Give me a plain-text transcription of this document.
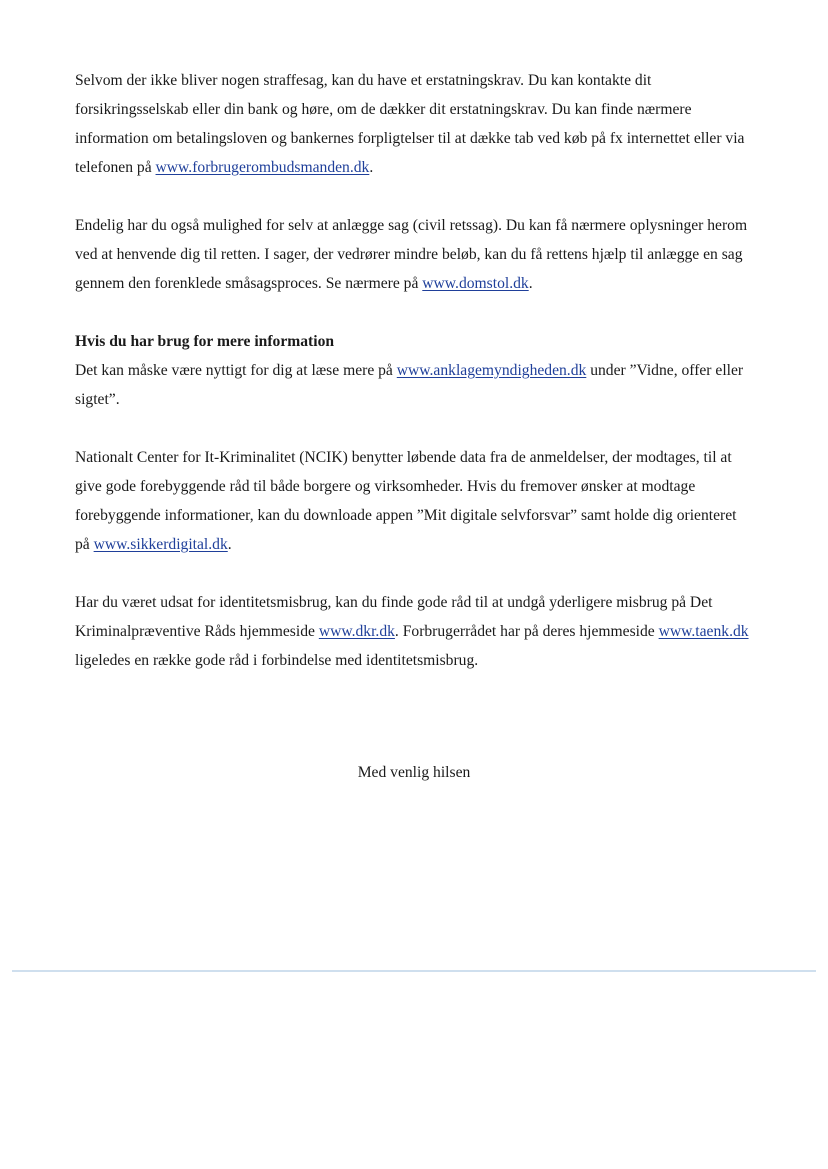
Selvom der ikke bliver nogen straffesag, kan du have et erstatningskrav. Du kan kontakte dit forsikringsselskab eller din bank og høre, om de dækker dit erstatningskrav. Du kan finde nærmere information om betalingsloven og bankernes forpligtelser til at dække tab ved køb på fx internettet eller via telefonen på www.forbrugerombudsmanden.dk.

Endelig har du også mulighed for selv at anlægge sag (civil retssag). Du kan få nærmere oplysninger herom ved at henvende dig til retten. I sager, der vedrører mindre beløb, kan du få rettens hjælp til anlægge en sag gennem den forenklede småsagsproces. Se nærmere på www.domstol.dk.

Hvis du har brug for mere information
Det kan måske være nyttigt for dig at læse mere på www.anklagemyndigheden.dk under ”Vidne, offer eller sigtet”.

Nationalt Center for It-Kriminalitet (NCIK) benytter løbende data fra de anmeldelser, der modtages, til at give gode forebyggende råd til både borgere og virksomheder. Hvis du fremover ønsker at modtage forebyggende informationer, kan du downloade appen ”Mit digitale selvforsvar” samt holde dig orienteret på www.sikkerdigital.dk.

Har du været udsat for identitetsmisbrug, kan du finde gode råd til at undgå yderligere misbrug på Det Kriminalpræventive Råds hjemmeside www.dkr.dk. Forbrugerrådet har på deres hjemmeside www.taenk.dk ligeledes en række gode råd i forbindelse med identitetsmisbrug.

Med venlig hilsen
